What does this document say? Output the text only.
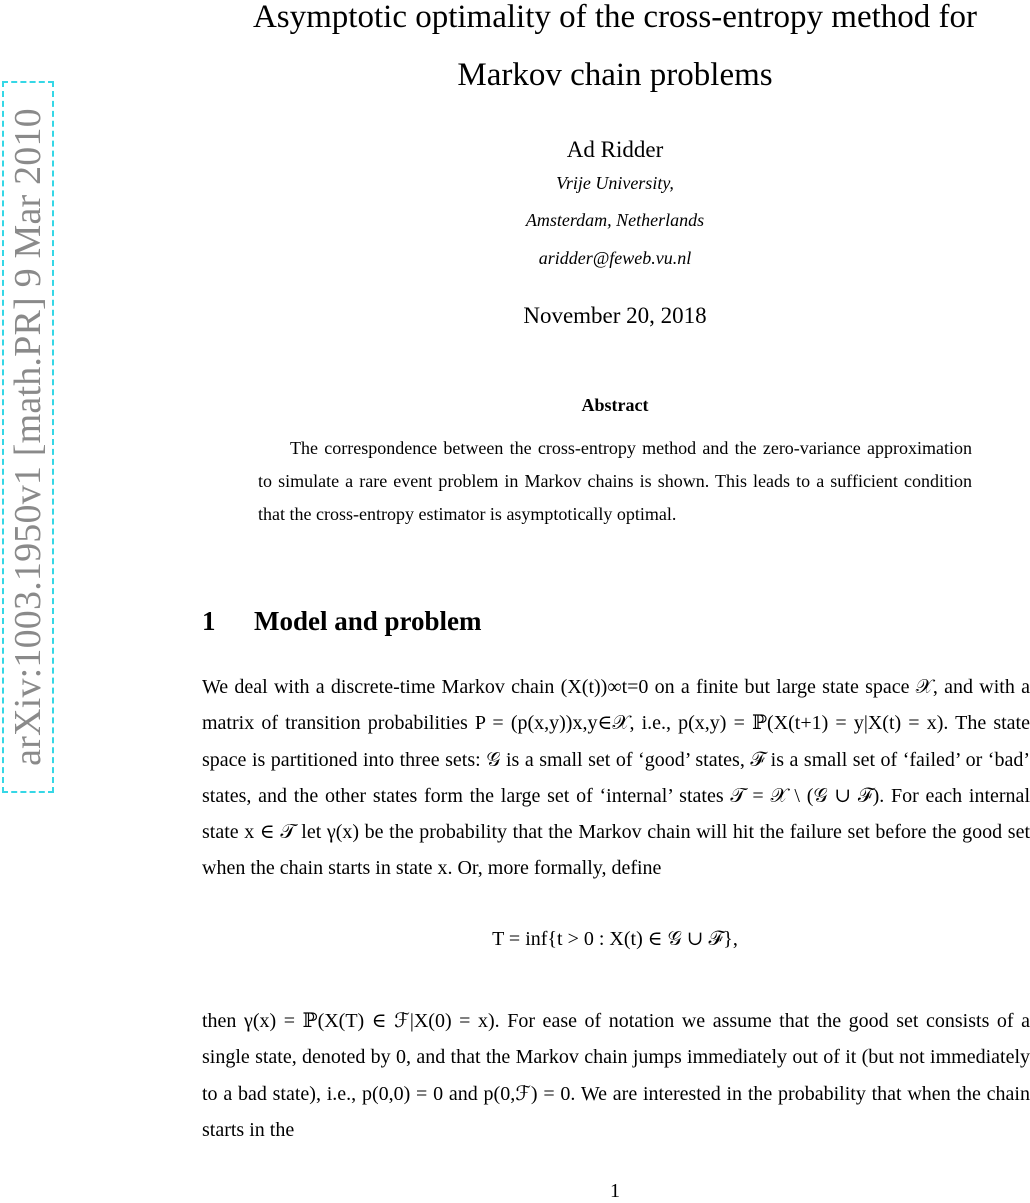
arXiv:1003.1950v1 [math.PR] 9 Mar 2010
Asymptotic optimality of the cross-entropy method for
Markov chain problems
Ad Ridder
Vrije University,
Amsterdam, Netherlands
aridder@feweb.vu.nl
November 20, 2018
Abstract

The correspondence between the cross-entropy method and the zero-variance approximation to simulate a rare event problem in Markov chains is shown. This leads to a sufficient condition that the cross-entropy estimator is asymptotically optimal.

1 Model and problem

We deal with a discrete-time Markov chain (X(t))∞t=0 on a finite but large state space 𝒳, and with a matrix of transition probabilities P = (p(x,y))x,y∈𝒳, i.e., p(x,y) = ℙ(X(t+1) = y|X(t) = x). The state space is partitioned into three sets: 𝒢 is a small set of ‘good’ states, ℱ is a small set of ‘failed’ or ‘bad’ states, and the other states form the large set of ‘internal’ states 𝒯 = 𝒳 \ (𝒢 ∪ ℱ). For each internal state x ∈ 𝒯 let γ(x) be the probability that the Markov chain will hit the failure set before the good set when the chain starts in state x. Or, more formally, define

T = inf{t > 0 : X(t) ∈ 𝒢 ∪ ℱ},

then γ(x) = ℙ(X(T) ∈ ℱ|X(0) = x). For ease of notation we assume that the good set consists of a single state, denoted by 0, and that the Markov chain jumps immediately out of it (but not immediately to a bad state), i.e., p(0,0) = 0 and p(0,ℱ) = 0. We are interested in the probability that when the chain starts in the

1
